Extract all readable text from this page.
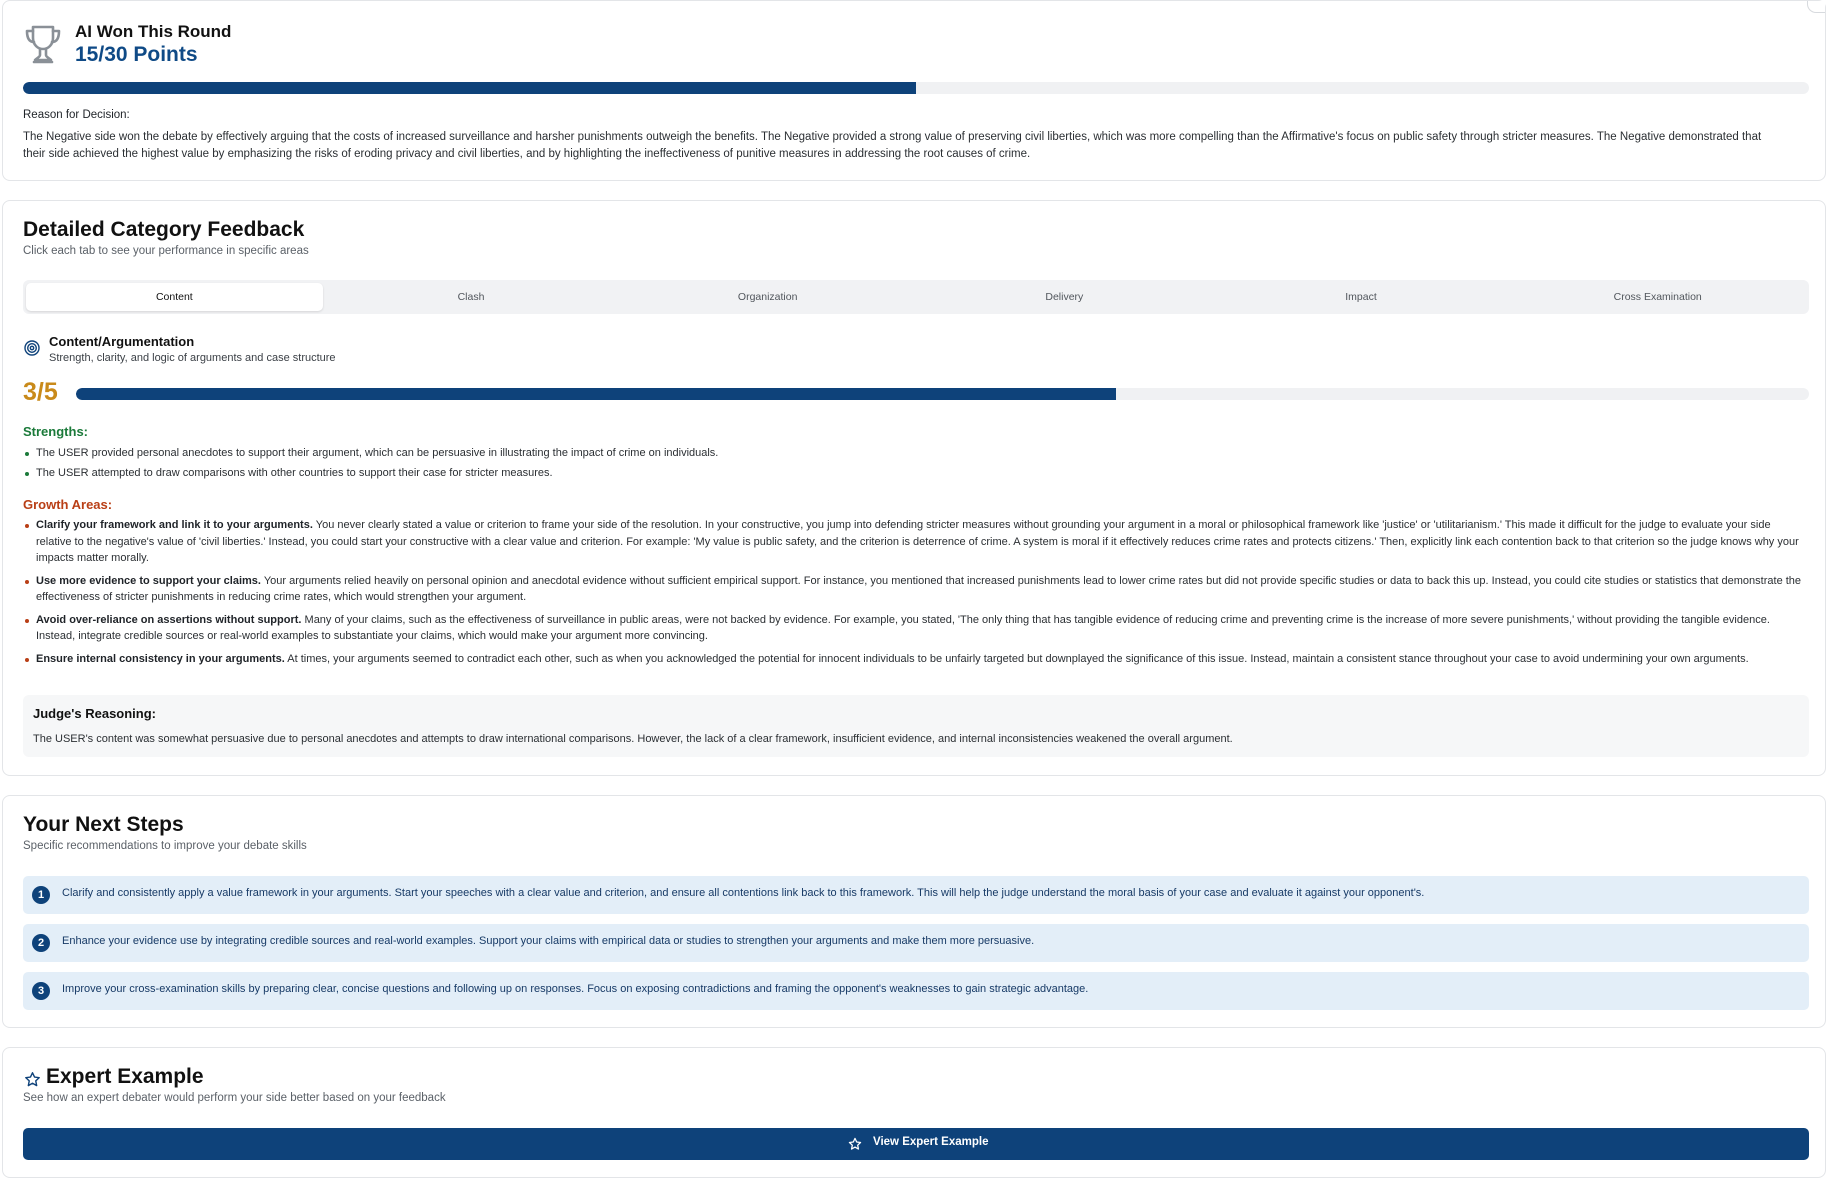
AI Won This Round
15/30 Points
Reason for Decision:
The Negative side won the debate by effectively arguing that the costs of increased surveillance and harsher punishments outweigh the benefits. The Negative provided a strong value of preserving civil liberties, which was more compelling than the Affirmative's focus on public safety through stricter measures. The Negative demonstrated that their side achieved the highest value by emphasizing the risks of eroding privacy and civil liberties, and by highlighting the ineffectiveness of punitive measures in addressing the root causes of crime.
Detailed Category Feedback
Click each tab to see your performance in specific areas
Content	Clash	Organization	Delivery	Impact	Cross Examination
Content/Argumentation
Strength, clarity, and logic of arguments and case structure
3/5
Strengths:
The USER provided personal anecdotes to support their argument, which can be persuasive in illustrating the impact of crime on individuals.
The USER attempted to draw comparisons with other countries to support their case for stricter measures.
Growth Areas:
Clarify your framework and link it to your arguments. You never clearly stated a value or criterion to frame your side of the resolution. In your constructive, you jump into defending stricter measures without grounding your argument in a moral or philosophical framework like 'justice' or 'utilitarianism.' This made it difficult for the judge to evaluate your side relative to the negative's value of 'civil liberties.' Instead, you could start your constructive with a clear value and criterion. For example: 'My value is public safety, and the criterion is deterrence of crime. A system is moral if it effectively reduces crime rates and protects citizens.' Then, explicitly link each contention back to that criterion so the judge knows why your impacts matter morally.
Use more evidence to support your claims. Your arguments relied heavily on personal opinion and anecdotal evidence without sufficient empirical support. For instance, you mentioned that increased punishments lead to lower crime rates but did not provide specific studies or data to back this up. Instead, you could cite studies or statistics that demonstrate the effectiveness of stricter punishments in reducing crime rates, which would strengthen your argument.
Avoid over-reliance on assertions without support. Many of your claims, such as the effectiveness of surveillance in public areas, were not backed by evidence. For example, you stated, 'The only thing that has tangible evidence of reducing crime and preventing crime is the increase of more severe punishments,' without providing the tangible evidence. Instead, integrate credible sources or real-world examples to substantiate your claims, which would make your argument more convincing.
Ensure internal consistency in your arguments. At times, your arguments seemed to contradict each other, such as when you acknowledged the potential for innocent individuals to be unfairly targeted but downplayed the significance of this issue. Instead, maintain a consistent stance throughout your case to avoid undermining your own arguments.
Judge's Reasoning:
The USER's content was somewhat persuasive due to personal anecdotes and attempts to draw international comparisons. However, the lack of a clear framework, insufficient evidence, and internal inconsistencies weakened the overall argument.
Your Next Steps
Specific recommendations to improve your debate skills
1	Clarify and consistently apply a value framework in your arguments. Start your speeches with a clear value and criterion, and ensure all contentions link back to this framework. This will help the judge understand the moral basis of your case and evaluate it against your opponent's.
2	Enhance your evidence use by integrating credible sources and real-world examples. Support your claims with empirical data or studies to strengthen your arguments and make them more persuasive.
3	Improve your cross-examination skills by preparing clear, concise questions and following up on responses. Focus on exposing contradictions and framing the opponent's weaknesses to gain strategic advantage.
Expert Example
See how an expert debater would perform your side better based on your feedback
View Expert Example
